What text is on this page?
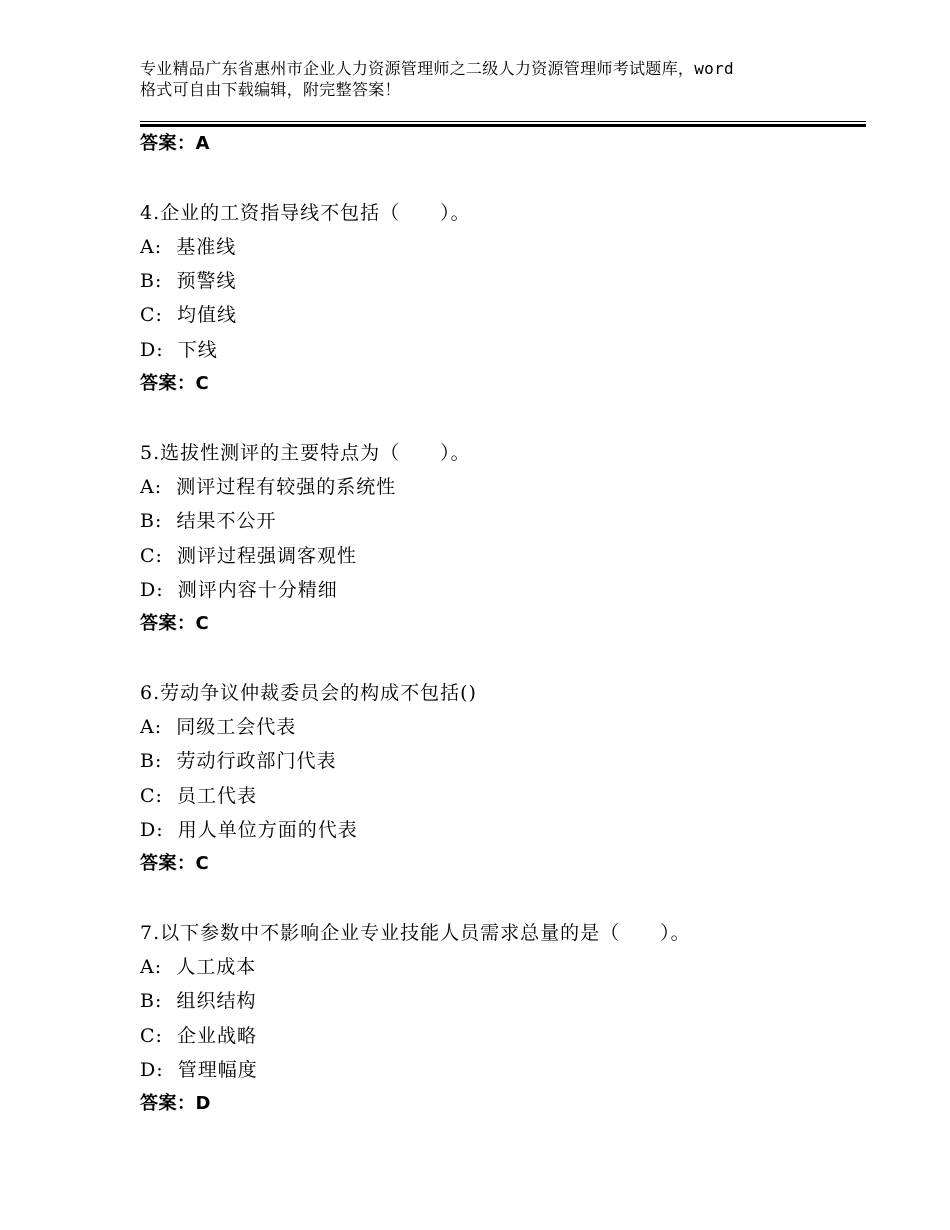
专业精品广东省惠州市企业人力资源管理师之二级人力资源管理师考试题库，word
格式可自由下载编辑，附完整答案！
答案：A
4.企业的工资指导线不包括（　　）。
A:  基准线
B:  预警线
C:  均值线
D:  下线
答案：C
5.选拔性测评的主要特点为（　　）。
A:  测评过程有较强的系统性
B:  结果不公开
C:  测评过程强调客观性
D:  测评内容十分精细
答案：C
6.劳动争议仲裁委员会的构成不包括()
A:  同级工会代表
B:  劳动行政部门代表
C:  员工代表
D:  用人单位方面的代表
答案：C
7.以下参数中不影响企业专业技能人员需求总量的是（　　）。
A:  人工成本
B:  组织结构
C:  企业战略
D:  管理幅度
答案：D
